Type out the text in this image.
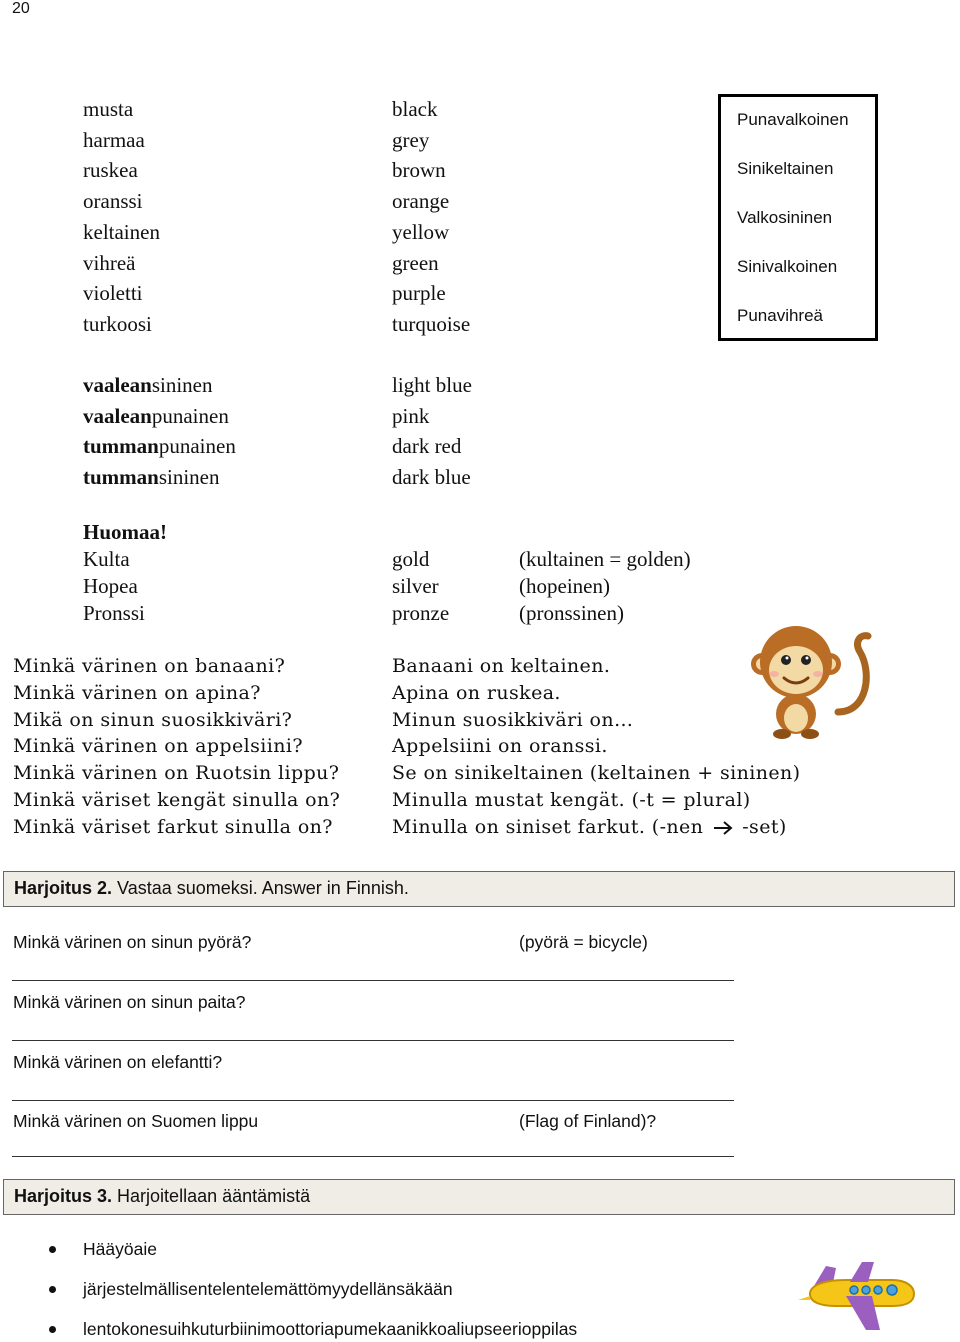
20
musta
harmaa
ruskea
oranssi
keltainen
vihreä
violetti
turkoosi
black
grey
brown
orange
yellow
green
purple
turquoise
Punavalkoinen
Sinikeltainen
Valkosininen
Sinivalkoinen
Punavihreä
vaaleansininen
vaaleanpunainen
tummanpunainen
tummansininen
light blue
pink
dark red
dark blue
Huomaa!
Kulta
Hopea
Pronssi
gold
silver
pronze
(kultainen = golden)
(hopeinen)
(pronssinen)
Minkä värinen on banaani?
Minkä värinen on apina?
Mikä on sinun suosikkiväri?
Minkä värinen on appelsiini?
Minkä värinen on Ruotsin lippu?
Minkä väriset kengät sinulla on?
Minkä väriset farkut sinulla on?
Banaani on keltainen.
Apina on ruskea.
Minun suosikkiväri on…
Appelsiini on oranssi.
Se on sinikeltainen (keltainen + sininen)
Minulla mustat kengät. (-t = plural)
Minulla on siniset farkut. (-nen -set)
Harjoitus 2. Vastaa suomeksi. Answer in Finnish.
Minkä värinen on sinun pyörä?	(pyörä = bicycle)
Minkä värinen on sinun paita?
Minkä värinen on elefantti?
Minkä värinen on Suomen lippu	(Flag of Finland)?
Harjoitus 3. Harjoitellaan ääntämistä
Hääyöaie
järjestelmällisentelentelemättömyydellänsäkään
lentokonesuihkuturbiinimoottoriapumekaanikkoaliupseerioppilas
